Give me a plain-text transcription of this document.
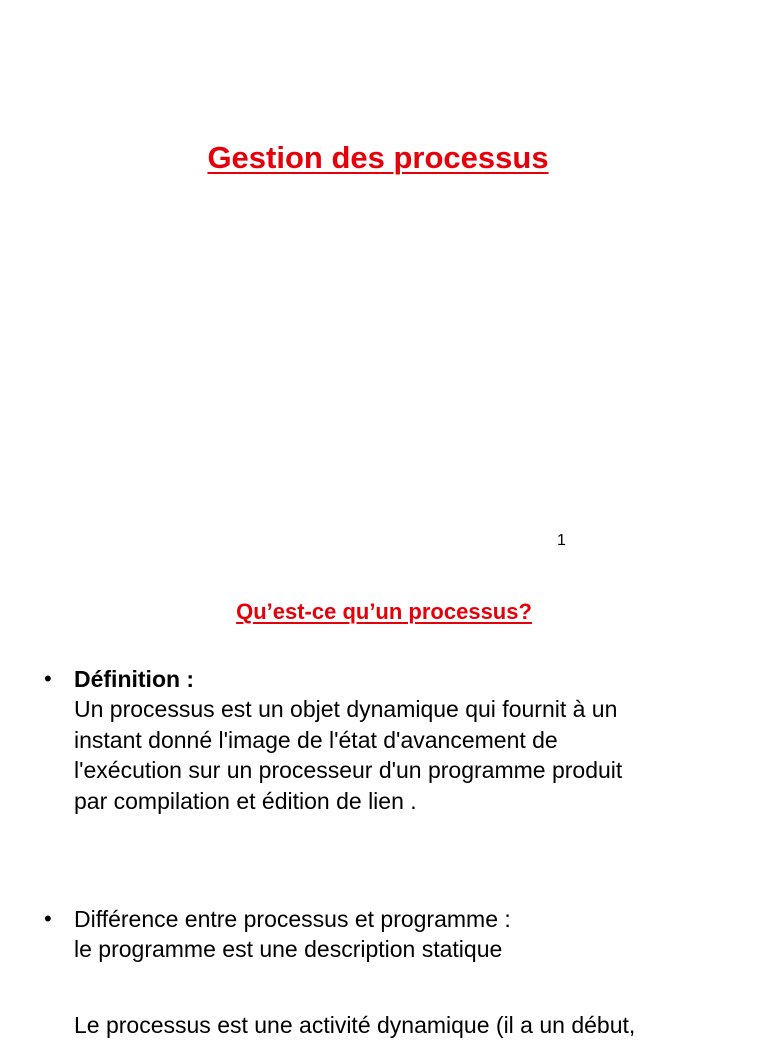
Gestion des processus
1
Qu’est-ce qu’un processus?
• Définition :
Un processus est un objet dynamique qui fournit à un
instant donné l'image de l'état d'avancement de
l'exécution sur un processeur d'un programme produit
par compilation et édition de lien .
• Différence entre processus et programme :
le programme est une description statique
Le processus est une activité dynamique (il a un début,
